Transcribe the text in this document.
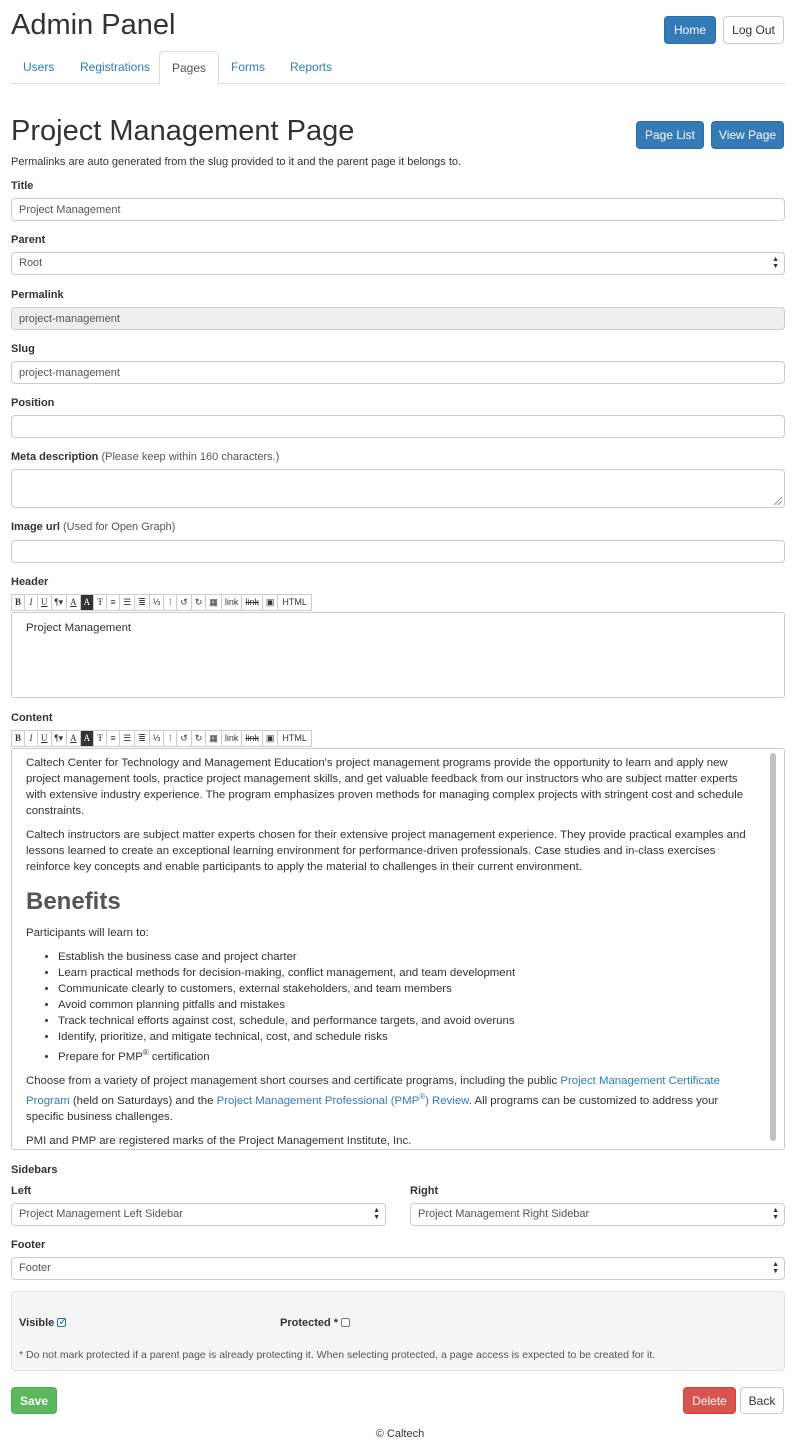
Admin Panel	Home	Log Out
Users	Registrations	Pages	Forms	Reports
Project Management Page	Page List	View Page
Permalinks are auto generated from the slug provided to it and the parent page it belongs to.
Title
Project Management
Parent
Root	▲
▼
Permalink
project-management
Slug
project-management
Position
Meta description (Please keep within 160 characters.)
Image url (Used for Open Graph)
Header
B I U ¶▾ A A Ŧ ≡ ☰ ≣ ⅓ ⁝ ↺ ↻ ▦ link link ▣ HTML
Project Management
Content
B I U ¶▾ A A Ŧ ≡ ☰ ≣ ⅓ ⁝ ↺ ↻ ▦ link link ▣ HTML

Caltech Center for Technology and Management Education's project management programs provide the opportunity to learn and apply new project management tools, practice project management skills, and get valuable feedback from our instructors who are subject matter experts with extensive industry experience. The program emphasizes proven methods for managing complex projects with stringent cost and schedule constraints.

Caltech instructors are subject matter experts chosen for their extensive project management experience. They provide practical examples and lessons learned to create an exceptional learning environment for performance-driven professionals. Case studies and in-class exercises reinforce key concepts and enable participants to apply the material to challenges in their current environment.

Benefits

Participants will learn to:

• Establish the business case and project charter
• Learn practical methods for decision-making, conflict management, and team development
• Communicate clearly to customers, external stakeholders, and team members
• Avoid common planning pitfalls and mistakes
• Track technical efforts against cost, schedule, and performance targets, and avoid overuns
• Identify, prioritize, and mitigate technical, cost, and schedule risks
• Prepare for PMP® certification

Choose from a variety of project management short courses and certificate programs, including the public Project Management Certificate Program (held on Saturdays) and the Project Management Professional (PMP®) Review. All programs can be customized to address your specific business challenges.

PMI and PMP are registered marks of the Project Management Institute, Inc.

Sidebars
Left
Project Management Left Sidebar	▲
▼
Right
Project Management Right Sidebar	▲
▼
Footer
Footer	▲
▼
Visible ✓	Protected *
* Do not mark protected if a parent page is already protecting it. When selecting protected, a page access is expected to be created for it.
Save	Delete	Back
© Caltech
